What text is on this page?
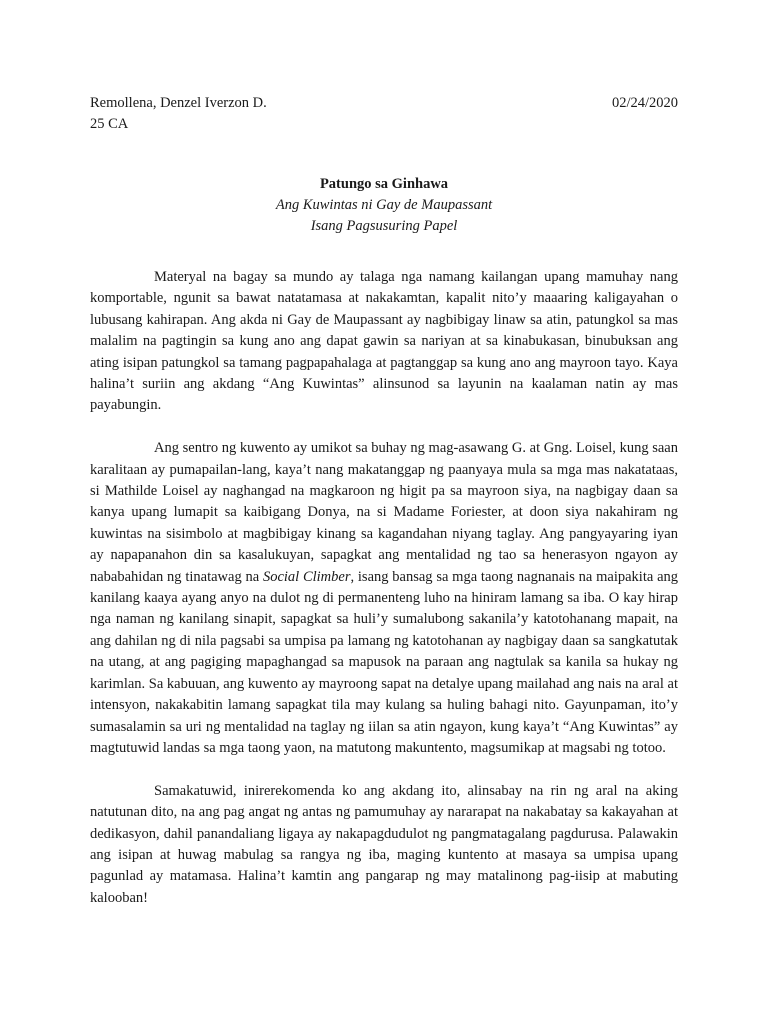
Remollena, Denzel Iverzon D.	02/24/2020
25 CA
Patungo sa Ginhawa
Ang Kuwintas ni Gay de Maupassant
Isang Pagsusuring Papel

Materyal na bagay sa mundo ay talaga nga namang kailangan upang mamuhay nang komportable, ngunit sa bawat natatamasa at nakakamtan, kapalit nito’y maaaring kaligayahan o lubusang kahirapan. Ang akda ni Gay de Maupassant ay nagbibigay linaw sa atin, patungkol sa mas malalim na pagtingin sa kung ano ang dapat gawin sa nariyan at sa kinabukasan, binubuksan ang ating isipan patungkol sa tamang pagpapahalaga at pagtanggap sa kung ano ang mayroon tayo. Kaya halina’t suriin ang akdang “Ang Kuwintas” alinsunod sa layunin na kaalaman natin ay mas payabungin.

Ang sentro ng kuwento ay umikot sa buhay ng mag-asawang G. at Gng. Loisel, kung saan karalitaan ay pumapailan-lang, kaya’t nang makatanggap ng paanyaya mula sa mga mas nakatataas, si Mathilde Loisel ay naghangad na magkaroon ng higit pa sa mayroon siya, na nagbigay daan sa kanya upang lumapit sa kaibigang Donya, na si Madame Foriester, at doon siya nakahiram ng kuwintas na sisimbolo at magbibigay kinang sa kagandahan niyang taglay. Ang pangyayaring iyan ay napapanahon din sa kasalukuyan, sapagkat ang mentalidad ng tao sa henerasyon ngayon ay nababahidan ng tinatawag na Social Climber, isang bansag sa mga taong nagnanais na maipakita ang kanilang kaaya ayang anyo na dulot ng di permanenteng luho na hiniram lamang sa iba. O kay hirap nga naman ng kanilang sinapit, sapagkat sa huli’y sumalubong sakanila’y katotohanang mapait, na ang dahilan ng di nila pagsabi sa umpisa pa lamang ng katotohanan ay nagbigay daan sa sangkatutak na utang, at ang pagiging mapaghangad sa mapusok na paraan ang nagtulak sa kanila sa hukay ng karimlan. Sa kabuuan, ang kuwento ay mayroong sapat na detalye upang mailahad ang nais na aral at intensyon, nakakabitin lamang sapagkat tila may kulang sa huling bahagi nito. Gayunpaman, ito’y sumasalamin sa uri ng mentalidad na taglay ng iilan sa atin ngayon, kung kaya’t “Ang Kuwintas” ay magtutuwid landas sa mga taong yaon, na matutong makuntento, magsumikap at magsabi ng totoo.

Samakatuwid, inirerekomenda ko ang akdang ito, alinsabay na rin ng aral na aking natutunan dito, na ang pag angat ng antas ng pamumuhay ay nararapat na nakabatay sa kakayahan at dedikasyon, dahil panandaliang ligaya ay nakapagdudulot ng pangmatagalang pagdurusa. Palawakin ang isipan at huwag mabulag sa rangya ng iba, maging kuntento at masaya sa umpisa upang pagunlad ay matamasa. Halina’t kamtin ang pangarap ng may matalinong pag-iisip at mabuting kalooban!
